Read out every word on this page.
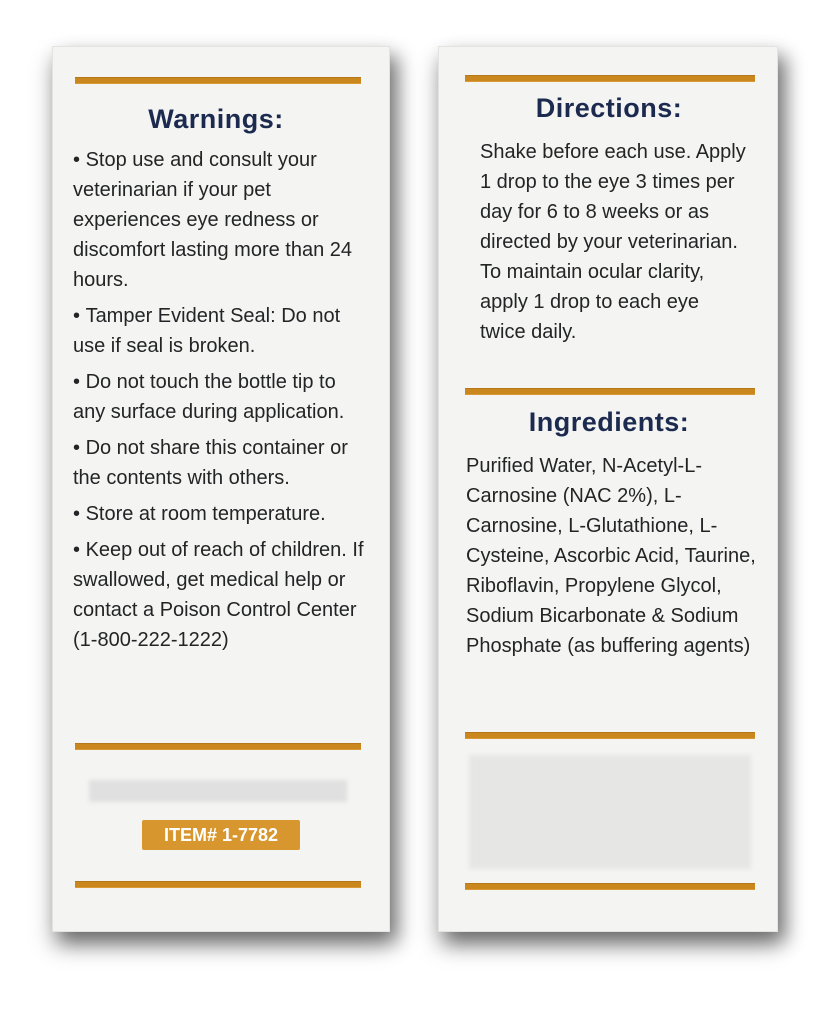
Warnings:
• Stop use and consult your veterinarian if your pet experiences eye redness or discomfort lasting more than 24 hours.
• Tamper Evident Seal: Do not use if seal is broken.
• Do not touch the bottle tip to any surface during application.
• Do not share this container or the contents with others.
• Store at room temperature.
• Keep out of reach of children. If swallowed, get medical help or contact a Poison Control Center (1-800-222-1222)
ITEM# 1-7782
Directions:

Shake before each use. Apply 1 drop to the eye 3 times per day for 6 to 8 weeks or as directed by your veterinarian. To maintain ocular clarity, apply 1 drop to each eye twice daily.

Ingredients:

Purified Water, N-Acetyl-L-Carnosine (NAC 2%), L-Carnosine, L-Glutathione, L-Cysteine, Ascorbic Acid, Taurine, Riboflavin, Propylene Glycol, Sodium Bicarbonate & Sodium Phosphate (as buffering agents)
